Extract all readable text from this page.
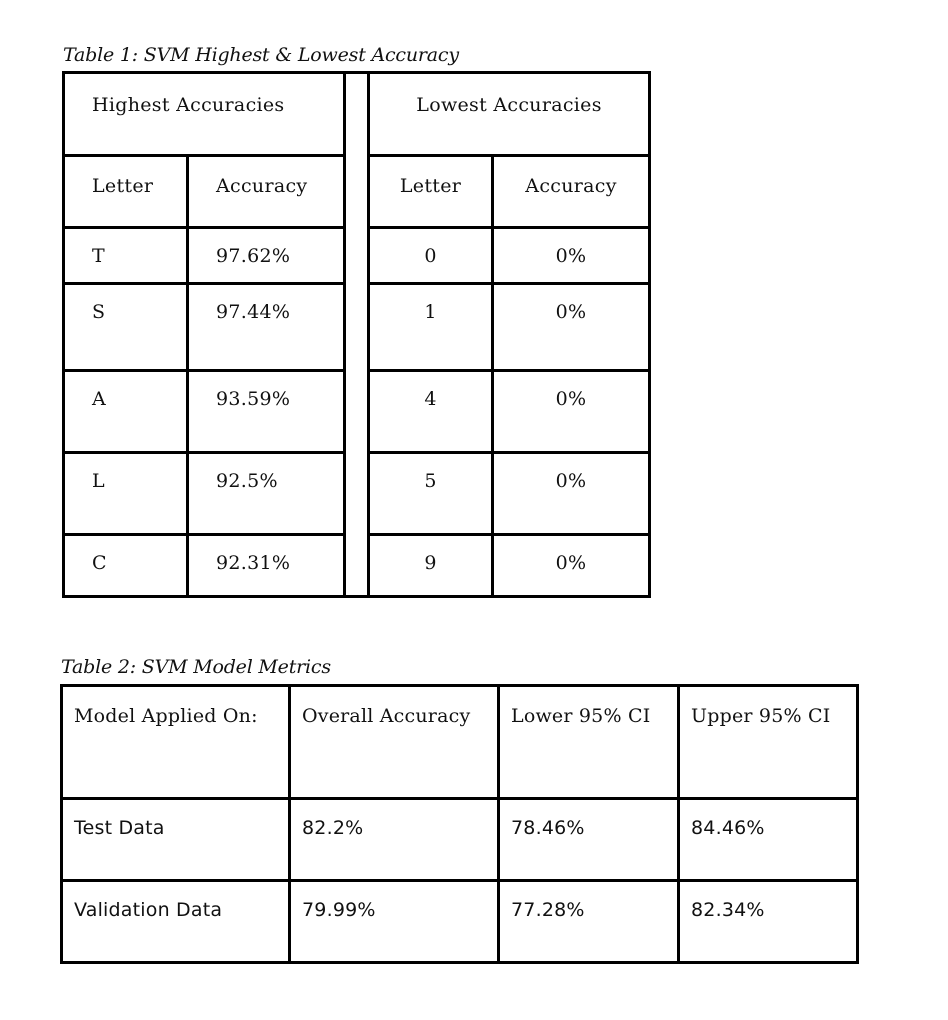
Table 1: SVM Highest & Lowest Accuracy
Highest Accuracies			Lowest Accuracies	
Letter	Accuracy		Letter	Accuracy
T	97.62%		0	0%
S	97.44%		1	0%
A	93.59%		4	0%
L	92.5%		5	0%
C	92.31%		9	0%
Table 2: SVM Model Metrics
Model Applied On:	Overall Accuracy	Lower 95% CI	Upper 95% CI
Test Data	82.2%	78.46%	84.46%
Validation Data	79.99%	77.28%	82.34%
